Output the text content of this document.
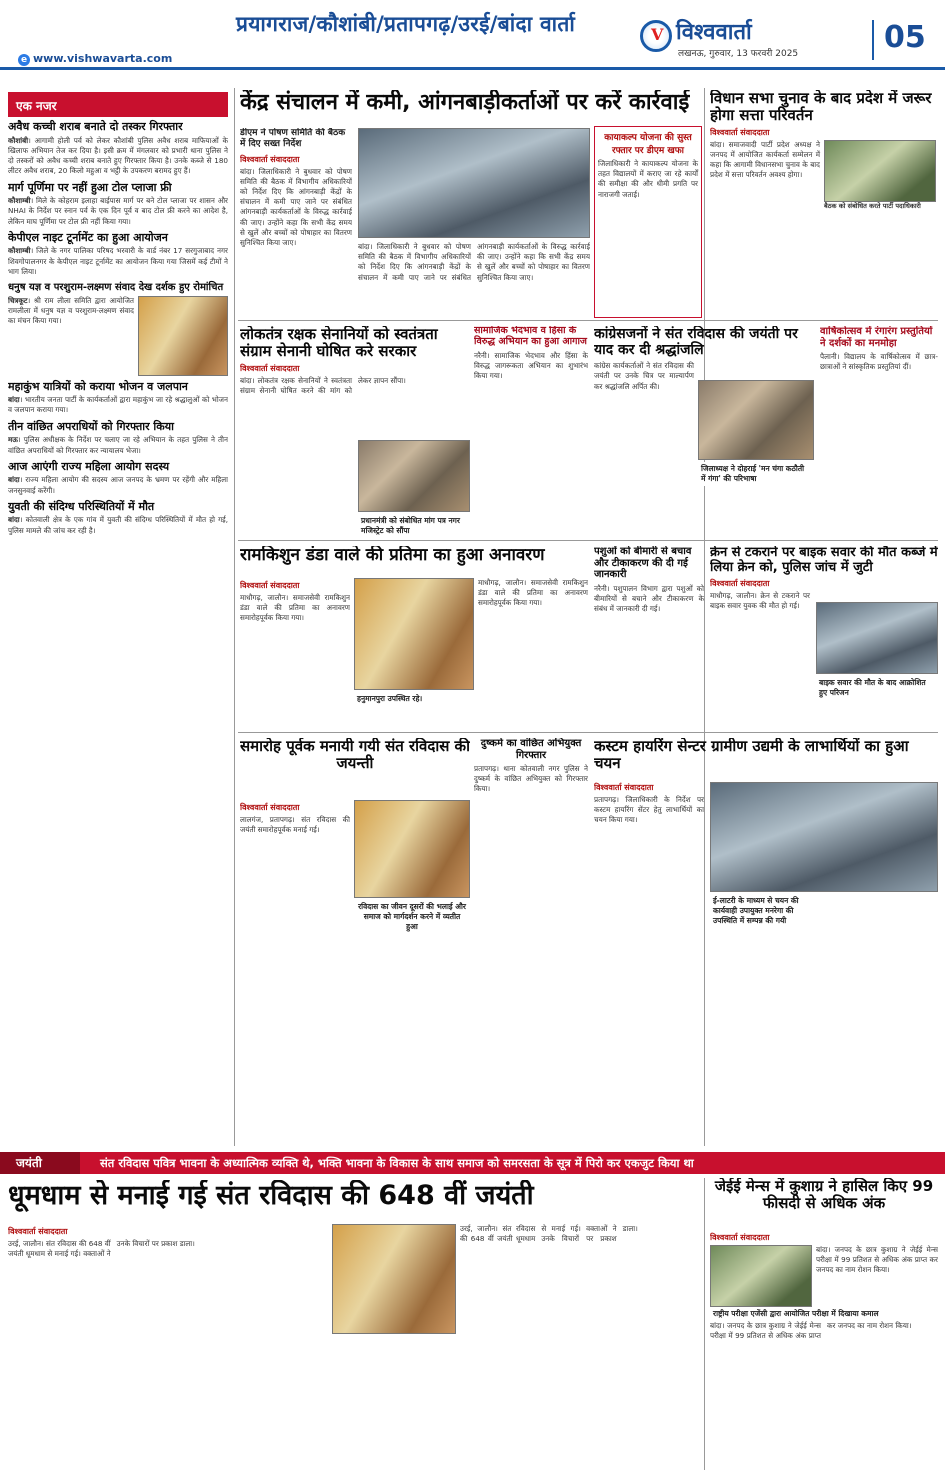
e www.vishwavarta.com
प्रयागराज/कौशांबी/प्रतापगढ़/उरई/बांदा वार्ता
V	विश्ववार्ता
लखनऊ, गुरुवार, 13 फरवरी 2025	05
एक नजर
अवैध कच्ची शराब बनाते दो तस्कर गिरफ्तार
कौशांबी। आगामी होली पर्व को लेकर कौशांबी पुलिस अवैध शराब माफियाओं के खिलाफ अभियान तेज कर दिया है। इसी क्रम में मंगलवार को प्रभारी थाना पुलिस ने दो तस्करों को अवैध कच्ची शराब बनाते हुए गिरफ्तार किया है। उनके कब्जे से 180 लीटर अवैध शराब, 20 किलो महुआ व भट्ठी के उपकरण बरामद हुए हैं।
मार्ग पूर्णिमा पर नहीं हुआ टोल प्लाजा फ्री
कौशाम्बी। मिले के कोहराम इलाहा बाईपास मार्ग पर बने टोल प्लाजा पर शासन और NHAI के निर्देश पर स्नान पर्व के एक दिन पूर्व व बाद टोल फ्री करने का आदेश है, लेकिन माघ पूर्णिमा पर टोल फ्री नहीं किया गया।
केपीएल नाइट टूर्नामेंट का हुआ आयोजन
कौशाम्बी। जिले के नगर पालिका परिषद भरवारी के वार्ड नंबर 17 सरगुजाबाद नगर शिवगोपालनगर के केपीएल नाइट टूर्नामेंट का आयोजन किया गया जिसमें कई टीमों ने भाग लिया।
धनुष यज्ञ व परशुराम-लक्ष्मण संवाद देख दर्शक हुए रोमांचित
चित्रकूट। श्री राम लीला समिति द्वारा आयोजित रामलीला में धनुष यज्ञ व परशुराम-लक्ष्मण संवाद का मंचन किया गया।
महाकुंभ यात्रियों को कराया भोजन व जलपान
बांदा। भारतीय जनता पार्टी के कार्यकर्ताओं द्वारा महाकुंभ जा रहे श्रद्धालुओं को भोजन व जलपान कराया गया।
तीन वांछित अपराधियों को गिरफ्तार किया
मऊ। पुलिस अधीक्षक के निर्देश पर चलाए जा रहे अभियान के तहत पुलिस ने तीन वांछित अपराधियों को गिरफ्तार कर न्यायालय भेजा।
आज आएंगी राज्य महिला आयोग सदस्य
बांदा। राज्य महिला आयोग की सदस्य आज जनपद के भ्रमण पर रहेंगी और महिला जनसुनवाई करेंगी।
युवती की संदिग्ध परिस्थितियों में मौत
बांदा। कोतवाली क्षेत्र के एक गांव में युवती की संदिग्ध परिस्थितियों में मौत हो गई, पुलिस मामले की जांच कर रही है।
केंद्र संचालन में कमी, आंगनबाड़ीकर्ताओं पर करें कार्रवाई
डीएम ने पोषण समिति की बैठक में दिए सख्त निर्देश
विश्ववार्ता संवाददाता
बांदा। जिलाधिकारी ने बुधवार को पोषण समिति की बैठक में विभागीय अधिकारियों को निर्देश दिए कि आंगनबाड़ी केंद्रों के संचालन में कमी पाए जाने पर संबंधित आंगनबाड़ी कार्यकर्ताओं के विरुद्ध कार्रवाई की जाए। उन्होंने कहा कि सभी केंद्र समय से खुलें और बच्चों को पोषाहार का वितरण सुनिश्चित किया जाए।	बांदा। जिलाधिकारी ने बुधवार को पोषण समिति की बैठक में विभागीय अधिकारियों को निर्देश दिए कि आंगनबाड़ी केंद्रों के संचालन में कमी पाए जाने पर संबंधित आंगनबाड़ी कार्यकर्ताओं के विरुद्ध कार्रवाई की जाए। उन्होंने कहा कि सभी केंद्र समय से खुलें और बच्चों को पोषाहार का वितरण सुनिश्चित किया जाए।
कायाकल्प योजना की सुस्त रफ्तार पर डीएम खफा
जिलाधिकारी ने कायाकल्प योजना के तहत विद्यालयों में कराए जा रहे कार्यों की समीक्षा की और धीमी प्रगति पर नाराजगी जताई।
विधान सभा चुनाव के बाद प्रदेश में जरूर होगा सत्ता परिवर्तन
विश्ववार्ता संवाददाता
बांदा। समाजवादी पार्टी प्रदेश अध्यक्ष ने जनपद में आयोजित कार्यकर्ता सम्मेलन में कहा कि आगामी विधानसभा चुनाव के बाद प्रदेश में सत्ता परिवर्तन अवश्य होगा।
बैठक को संबोधित करते पार्टी पदाधिकारी
लोकतंत्र रक्षक सेनानियों को स्वतंत्रता संग्राम सेनानी घोषित करे सरकार
विश्ववार्ता संवाददाता
बांदा। लोकतंत्र रक्षक सेनानियों ने स्वतंत्रता संग्राम सेनानी घोषित करने की मांग को लेकर ज्ञापन सौंपा।
प्रधानमंत्री को संबोधित मांग पत्र नगर मजिस्ट्रेट को सौंपा
सामाजिक भेदभाव व हिंसा के विरुद्ध अभियान का हुआ आगाज
नरैनी। सामाजिक भेदभाव और हिंसा के विरुद्ध जागरूकता अभियान का शुभारंभ किया गया।
कांग्रेसजनों ने संत रविदास की जयंती पर याद कर दी श्रद्धांजलि
कांग्रेस कार्यकर्ताओं ने संत रविदास की जयंती पर उनके चित्र पर माल्यार्पण कर श्रद्धांजलि अर्पित की।
जिलाध्यक्ष ने दोहराई 'मन चंगा कठौती में गंगा' की परिभाषा
वार्षिकोत्सव में रंगारंग प्रस्तुतियों ने दर्शकों का मनमोहा
पैलानी। विद्यालय के वार्षिकोत्सव में छात्र-छात्राओं ने सांस्कृतिक प्रस्तुतियां दीं।
रामकिशुन डंडा वाले की प्रतिमा का हुआ अनावरण
विश्ववार्ता संवाददाता
माधौगढ़, जालौन। समाजसेवी रामकिशुन डंडा वाले की प्रतिमा का अनावरण समारोहपूर्वक किया गया।
हनुमानपुरा उपस्थित रहे।
माधौगढ़, जालौन। समाजसेवी रामकिशुन डंडा वाले की प्रतिमा का अनावरण समारोहपूर्वक किया गया।
पशुओं को बीमारी से बचाव और टीकाकरण की दी गई जानकारी
नरैनी। पशुपालन विभाग द्वारा पशुओं को बीमारियों से बचाने और टीकाकरण के संबंध में जानकारी दी गई।
क्रेन से टकराने पर बाइक सवार की मौत कब्जे में लिया क्रेन को, पुलिस जांच में जुटी
विश्ववार्ता संवाददाता
माधौगढ़, जालौन। क्रेन से टकराने पर बाइक सवार युवक की मौत हो गई।
बाइक सवार की मौत के बाद आक्रोशित हुए परिजन
समारोह पूर्वक मनायी गयी संत रविदास की जयन्ती
विश्ववार्ता संवाददाता
लालगंज, प्रतापगढ़। संत रविदास की जयंती समारोहपूर्वक मनाई गई।
रविदास का जीवन दूसरों की भलाई और समाज को मार्गदर्शन करने में व्यतीत हुआ
दुष्कर्म का वांछित अभियुक्त गिरफ्तार
प्रतापगढ़। थाना कोतवाली नगर पुलिस ने दुष्कर्म के वांछित अभियुक्त को गिरफ्तार किया।
कस्टम हायरिंग सेन्टर ग्रामीण उद्यमी के लाभार्थियों का हुआ चयन
विश्ववार्ता संवाददाता
प्रतापगढ़। जिलाधिकारी के निर्देश पर कस्टम हायरिंग सेंटर हेतु लाभार्थियों का चयन किया गया।
ई-लाटरी के माध्यम से चयन की कार्यवाही उपायुक्त मनरेगा की उपस्थिति में सम्पन्न की गयी
जयंती	संत रविदास पवित्र भावना के अध्यात्मिक व्यक्ति थे, भक्ति भावना के विकास के साथ समाज को समरसता के सूत्र में पिरो कर एकजुट किया था
धूमधाम से मनाई गई संत रविदास की 648 वीं जयंती
विश्ववार्ता संवाददाता
उरई, जालौन। संत रविदास की 648 वीं जयंती धूमधाम से मनाई गई। वक्ताओं ने उनके विचारों पर प्रकाश डाला।
उरई, जालौन। संत रविदास की 648 वीं जयंती धूमधाम से मनाई गई। वक्ताओं ने उनके विचारों पर प्रकाश डाला।
जेईई मेन्स में कुशाग्र ने हासिल किए 99 फीसदी से अधिक अंक
विश्ववार्ता संवाददाता
बांदा। जनपद के छात्र कुशाग्र ने जेईई मेन्स परीक्षा में 99 प्रतिशत से अधिक अंक प्राप्त कर जनपद का नाम रोशन किया।
राष्ट्रीय परीक्षा एजेंसी द्वारा आयोजित परीक्षा में दिखाया कमाल
बांदा। जनपद के छात्र कुशाग्र ने जेईई मेन्स परीक्षा में 99 प्रतिशत से अधिक अंक प्राप्त कर जनपद का नाम रोशन किया।
